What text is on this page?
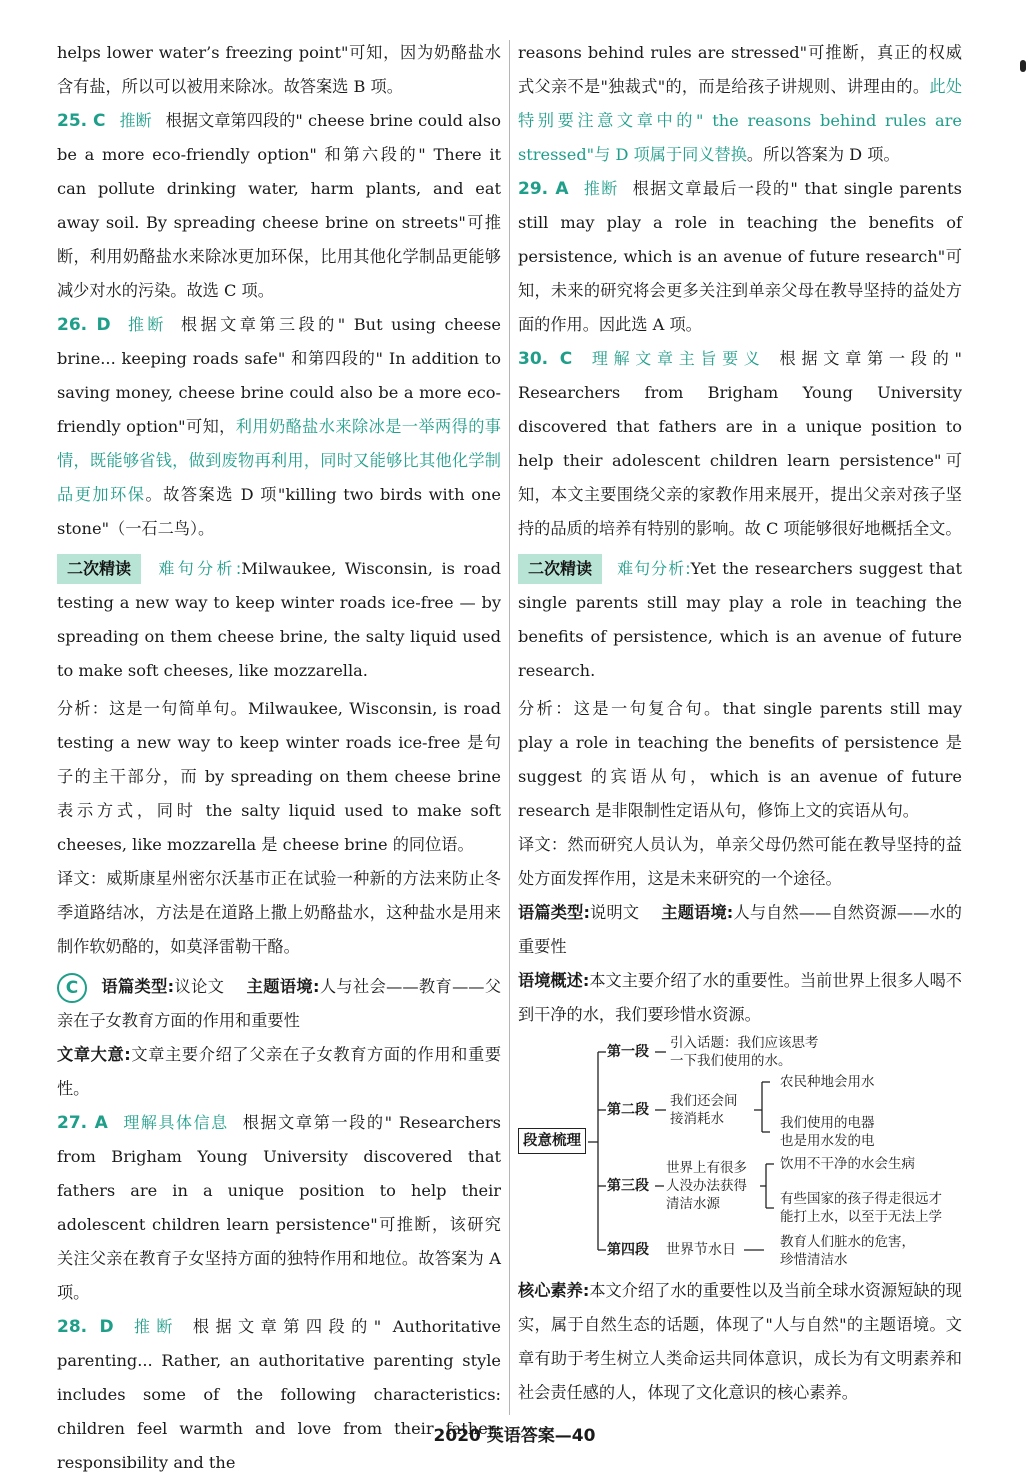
helps lower water’s freezing point"可知，因为奶酪盐水含有盐，所以可以被用来除冰。故答案选 B 项。

25. C 推断 根据文章第四段的" cheese brine could also be a more eco-friendly option" 和第六段的" There it can pollute drinking water, harm plants, and eat away soil. By spreading cheese brine on streets"可推断，利用奶酪盐水来除冰更加环保，比用其他化学制品更能够减少对水的污染。故选 C 项。

26. D 推断 根据文章第三段的" But using cheese brine... keeping roads safe" 和第四段的" In addition to saving money, cheese brine could also be a more eco-friendly option"可知，利用奶酪盐水来除冰是一举两得的事情，既能够省钱，做到废物再利用，同时又能够比其他化学制品更加环保。故答案选 D 项"killing two birds with one stone"（一石二鸟）。

二次精读 难句分析:Milwaukee, Wisconsin, is road testing a new way to keep winter roads ice-free — by spreading on them cheese brine, the salty liquid used to make soft cheeses, like mozzarella.

分析：这是一句简单句。Milwaukee, Wisconsin, is road testing a new way to keep winter roads ice-free 是句子的主干部分，而 by spreading on them cheese brine 表示方式，同时 the salty liquid used to make soft cheeses, like mozzarella 是 cheese brine 的同位语。

译文：威斯康星州密尔沃基市正在试验一种新的方法来防止冬季道路结冰，方法是在道路上撒上奶酪盐水，这种盐水是用来制作软奶酪的，如莫泽雷勒干酪。

C 语篇类型:议论文 主题语境:人与社会——教育——父亲在子女教育方面的作用和重要性

文章大意:文章主要介绍了父亲在子女教育方面的作用和重要性。

27. A 理解具体信息 根据文章第一段的" Researchers from Brigham Young University discovered that fathers are in a unique position to help their adolescent children learn persistence"可推断，该研究关注父亲在教育子女坚持方面的独特作用和地位。故答案为 A 项。

28. D 推断 根据文章第四段的" Authoritative parenting... Rather, an authoritative parenting style includes some of the following characteristics: children feel warmth and love from their father; responsibility and the

reasons behind rules are stressed"可推断，真正的权威式父亲不是"独裁式"的，而是给孩子讲规则、讲理由的。此处特别要注意文章中的" the reasons behind rules are stressed"与 D 项属于同义替换。所以答案为 D 项。

29. A 推断 根据文章最后一段的" that single parents still may play a role in teaching the benefits of persistence, which is an avenue of future research"可知，未来的研究将会更多关注到单亲父母在教导坚持的益处方面的作用。因此选 A 项。

30. C 理解文章主旨要义 根据文章第一段的" Researchers from Brigham Young University discovered that fathers are in a unique position to help their adolescent children learn persistence"可知，本文主要围绕父亲的家教作用来展开，提出父亲对孩子坚持的品质的培养有特别的影响。故 C 项能够很好地概括全文。

二次精读 难句分析:Yet the researchers suggest that single parents still may play a role in teaching the benefits of persistence, which is an avenue of future research.

分析：这是一句复合句。that single parents still may play a role in teaching the benefits of persistence 是 suggest 的宾语从句，which is an avenue of future research 是非限制性定语从句，修饰上文的宾语从句。

译文：然而研究人员认为，单亲父母仍然可能在教导坚持的益处方面发挥作用，这是未来研究的一个途径。

语篇类型:说明文 主题语境:人与自然——自然资源——水的重要性

语境概述:本文主要介绍了水的重要性。当前世界上很多人喝不到干净的水，我们要珍惜水资源。

段意梳理
第一段
引入话题：我们应该思考
一下我们使用的水。
第二段
我们还会间
接消耗水
农民种地会用水
我们使用的电器
也是用水发的电
第三段
世界上有很多
人没办法获得
清洁水源
饮用不干净的水会生病
有些国家的孩子得走很远才
能打上水，以至于无法上学
第四段 世界节水日	教育人们脏水的危害，
珍惜清洁水

核心素养:本文介绍了水的重要性以及当前全球水资源短缺的现实，属于自然生态的话题，体现了"人与自然"的主题语境。文章有助于考生树立人类命运共同体意识，成长为有文明素养和社会责任感的人，体现了文化意识的核心素养。

2020 英语答案—40
